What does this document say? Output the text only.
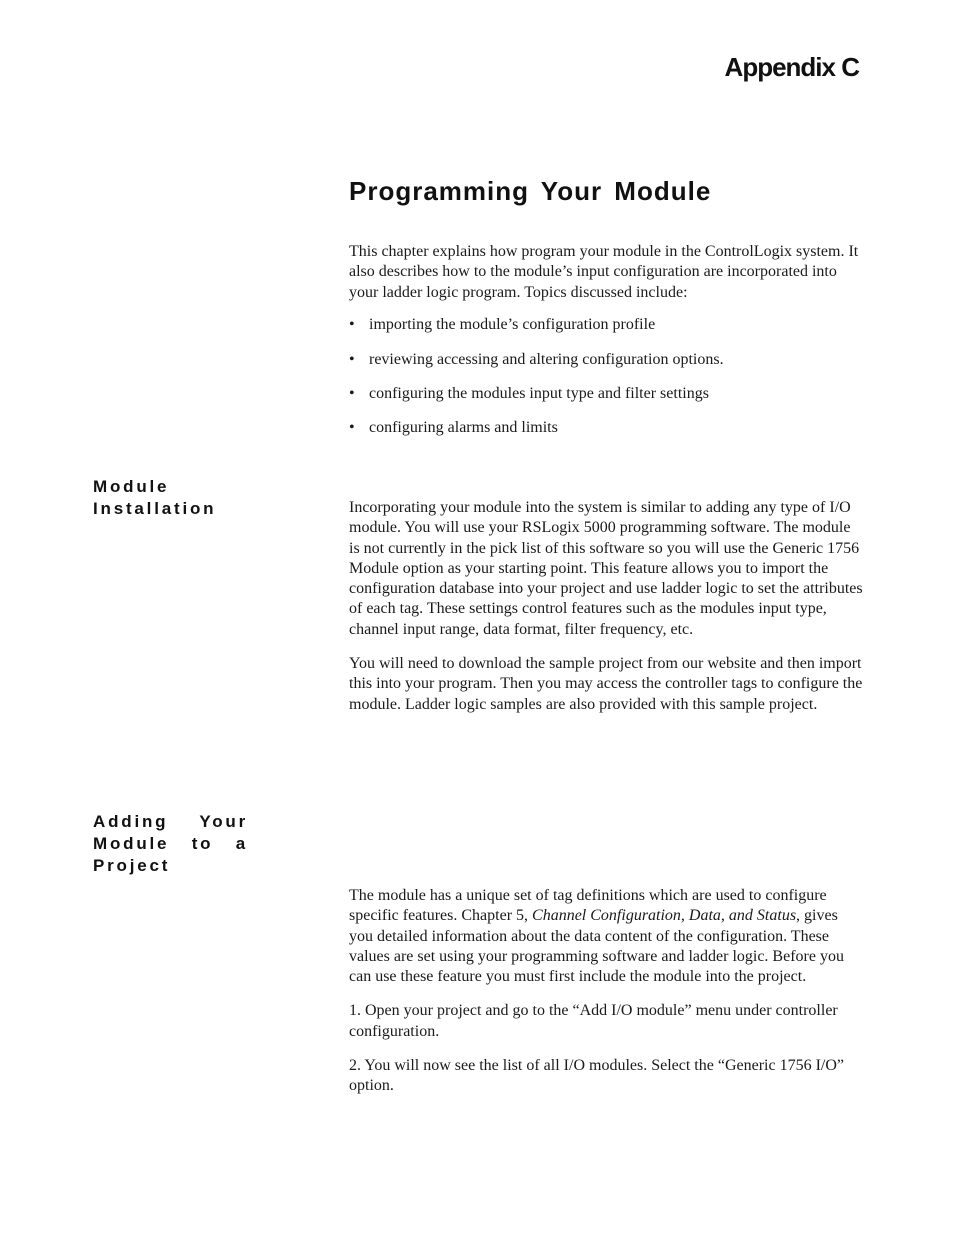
Appendix C
Programming Your Module

This chapter explains how program your module in the ControlLogix system. It also describes how to the module’s input configuration are incorporated into your ladder logic program. Topics discussed include:

• importing the module’s configuration profile
• reviewing accessing and altering configuration options.
• configuring the modules input type and filter settings
• configuring alarms and limits
Module
Installation	Incorporating your module into the system is similar to adding any type of I/O module. You will use your RSLogix 5000 programming software. The module is not currently in the pick list of this software so you will use the Generic 1756 Module option as your starting point. This feature allows you to import the configuration database into your project and use ladder logic to set the attributes of each tag. These settings control features such as the modules input type, channel input range, data format, filter frequency, etc.

You will need to download the sample project from our website and then import this into your program. Then you may access the controller tags to configure the module. Ladder logic samples are also provided with this sample project.

Adding Your
Module to a
Project

The module has a unique set of tag definitions which are used to configure specific features. Chapter 5, Channel Configuration, Data, and Status, gives you detailed information about the data content of the configuration. These values are set using your programming software and ladder logic. Before you can use these feature you must first include the module into the project.

1. Open your project and go to the “Add I/O module” menu under controller configuration.

2. You will now see the list of all I/O modules. Select the “Generic 1756 I/O” option.
